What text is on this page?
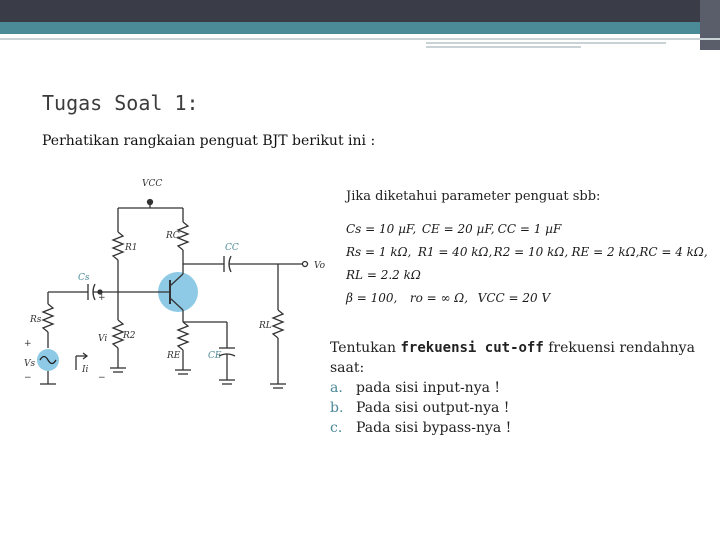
Tugas Soal 1:
Perhatikan rangkaian penguat BJT berikut ini :
VCC
RC
R1	CC
Vo
Cs
Rs
Vi R2
RL
RE	CE
Vs
Ii
+
+
−	−
Jika diketahui parameter penguat sbb:
Cs = 10 µF, CE = 20 µF, CC = 1 µF
Rs = 1 kΩ, R1 = 40 kΩ, R2 = 10 kΩ, RE = 2 kΩ, RC = 4 kΩ,
RL = 2.2 kΩ
β = 100, ro = ∞ Ω, VCC = 20 V
Tentukan frekuensi cut-off frekuensi rendahnya saat:
a. pada sisi input-nya !
b. Pada sisi output-nya !
c. Pada sisi bypass-nya !
